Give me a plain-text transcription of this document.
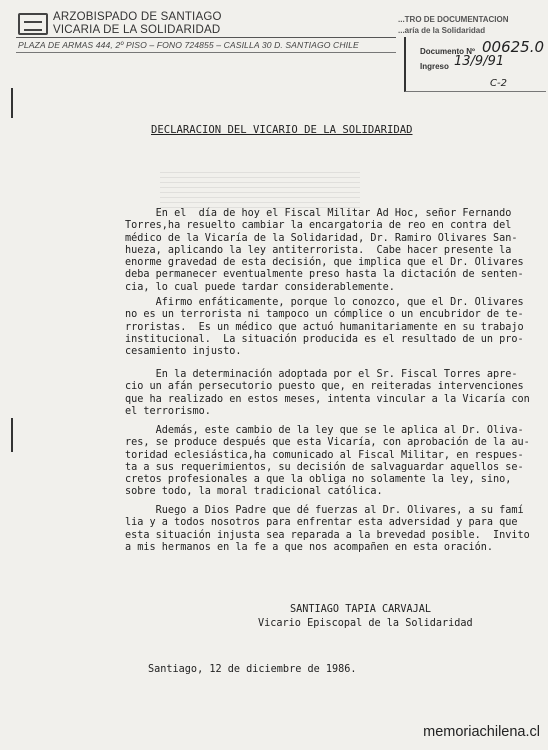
ARZOBISPADO DE SANTIAGO
VICARIA DE LA SOLIDARIDAD
PLAZA DE ARMAS 444, 2º PISO – FONO 724855 – CASILLA 30 D. SANTIAGO CHILE
...TRO DE DOCUMENTACION
...aría de la Solidaridad
Documento Nº 00625.0
Ingreso 13/9/91
C-2
DECLARACION DEL VICARIO DE LA SOLIDARIDAD
En el  día de hoy el Fiscal Militar Ad Hoc, señor Fernando
Torres,ha resuelto cambiar la encargatoria de reo en contra del
médico de la Vicaría de la Solidaridad, Dr. Ramiro Olivares San-
hueza, aplicando la ley antiterrorista.  Cabe hacer presente la
enorme gravedad de esta decisión, que implica que el Dr. Olivares
deba permanecer eventualmente preso hasta la dictación de senten-
cia, lo cual puede tardar considerablemente.
Afirmo enfáticamente, porque lo conozco, que el Dr. Olivares
no es un terrorista ni tampoco un cómplice o un encubridor de te-
rroristas.  Es un médico que actuó humanitariamente en su trabajo
institucional.  La situación producida es el resultado de un pro-
cesamiento injusto.
En la determinación adoptada por el Sr. Fiscal Torres apre-
cio un afán persecutorio puesto que, en reiteradas intervenciones
que ha realizado en estos meses, intenta vincular a la Vicaría con
el terrorismo.
Además, este cambio de la ley que se le aplica al Dr. Oliva-
res, se produce después que esta Vicaría, con aprobación de la au-
toridad eclesiástica,ha comunicado al Fiscal Militar, en respues-
ta a sus requerimientos, su decisión de salvaguardar aquellos se-
cretos profesionales a que la obliga no solamente la ley, sino,
sobre todo, la moral tradicional católica.
Ruego a Dios Padre que dé fuerzas al Dr. Olivares, a su famí
lia y a todos nosotros para enfrentar esta adversidad y para que
esta situación injusta sea reparada a la brevedad posible.  Invito
a mis hermanos en la fe a que nos acompañen en esta oración.
SANTIAGO TAPIA CARVAJAL
Vicario Episcopal de la Solidaridad
Santiago, 12 de diciembre de 1986.
memoriachilena.cl
